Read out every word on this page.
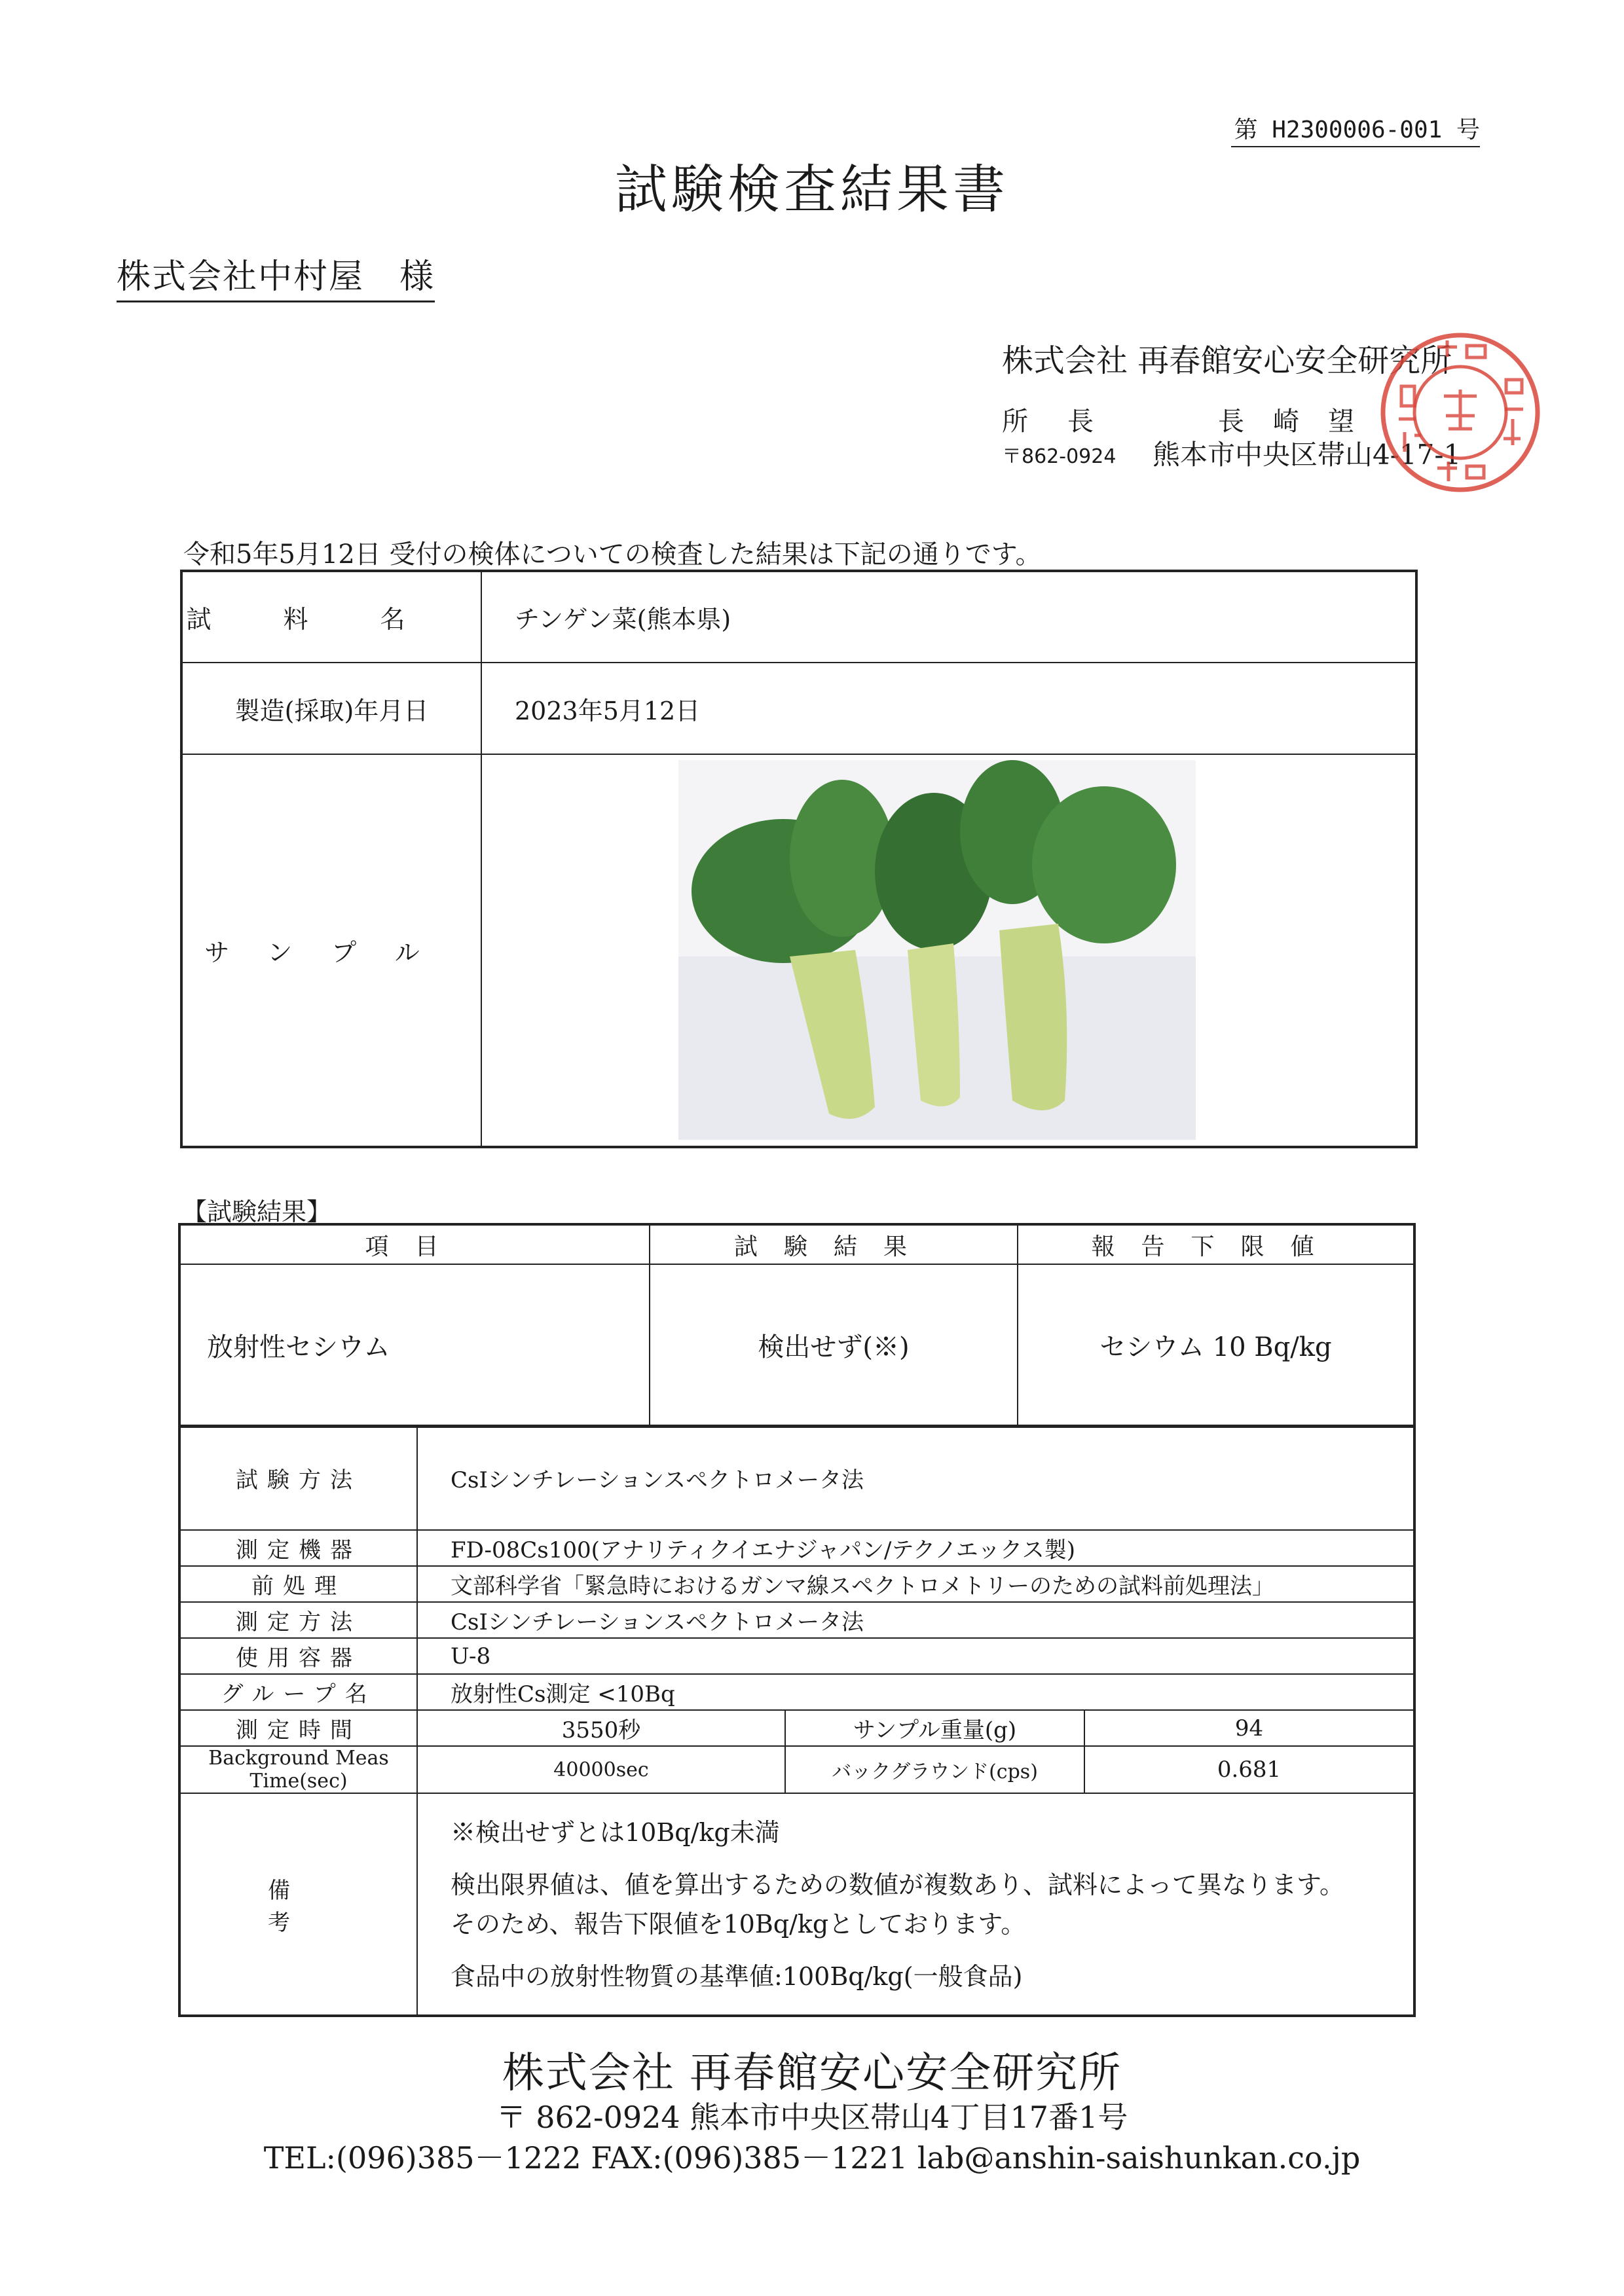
第 H2300006-001 号
試験検査結果書
株式会社中村屋　様
株式会社 再春館安心安全研究所
所長	長崎望
〒862-0924 熊本市中央区帯山4-17-1
令和5年5月12日 受付の検体についての検査した結果は下記の通りです。
試料名	チンゲン菜(熊本県)
製造(採取)年月日	2023年5月12日
サンプル	
【試験結果】
項目	試験結果	報告下限値
放射性セシウム	検出せず(※)	セシウム 10 Bq/kg
試験方法	CsIシンチレーションスペクトロメータ法		
測定機器	FD-08Cs100(アナリティクイエナジャパン/テクノエックス製)		
前処理	文部科学省「緊急時におけるガンマ線スペクトロメトリーのための試料前処理法」		
測定方法	CsIシンチレーションスペクトロメータ法		
使用容器	U-8		
グループ名	放射性Cs測定 <10Bq		
測定時間	3550秒	サンプル重量(g)	94
Background Meas Time(sec)	40000sec	バックグラウンド(cps)	0.681
備考	※検出せずとは10Bq/kg未満

検出限界値は、値を算出するための数値が複数あり、試料によって異なります。

そのため、報告下限値を10Bq/kgとしております。

食品中の放射性物質の基準値:100Bq/kg(一般食品)		

株式会社 再春館安心安全研究所
〒 862-0924 熊本市中央区帯山4丁目17番1号
TEL:(096)385－1222 FAX:(096)385－1221 lab@anshin-saishunkan.co.jp
